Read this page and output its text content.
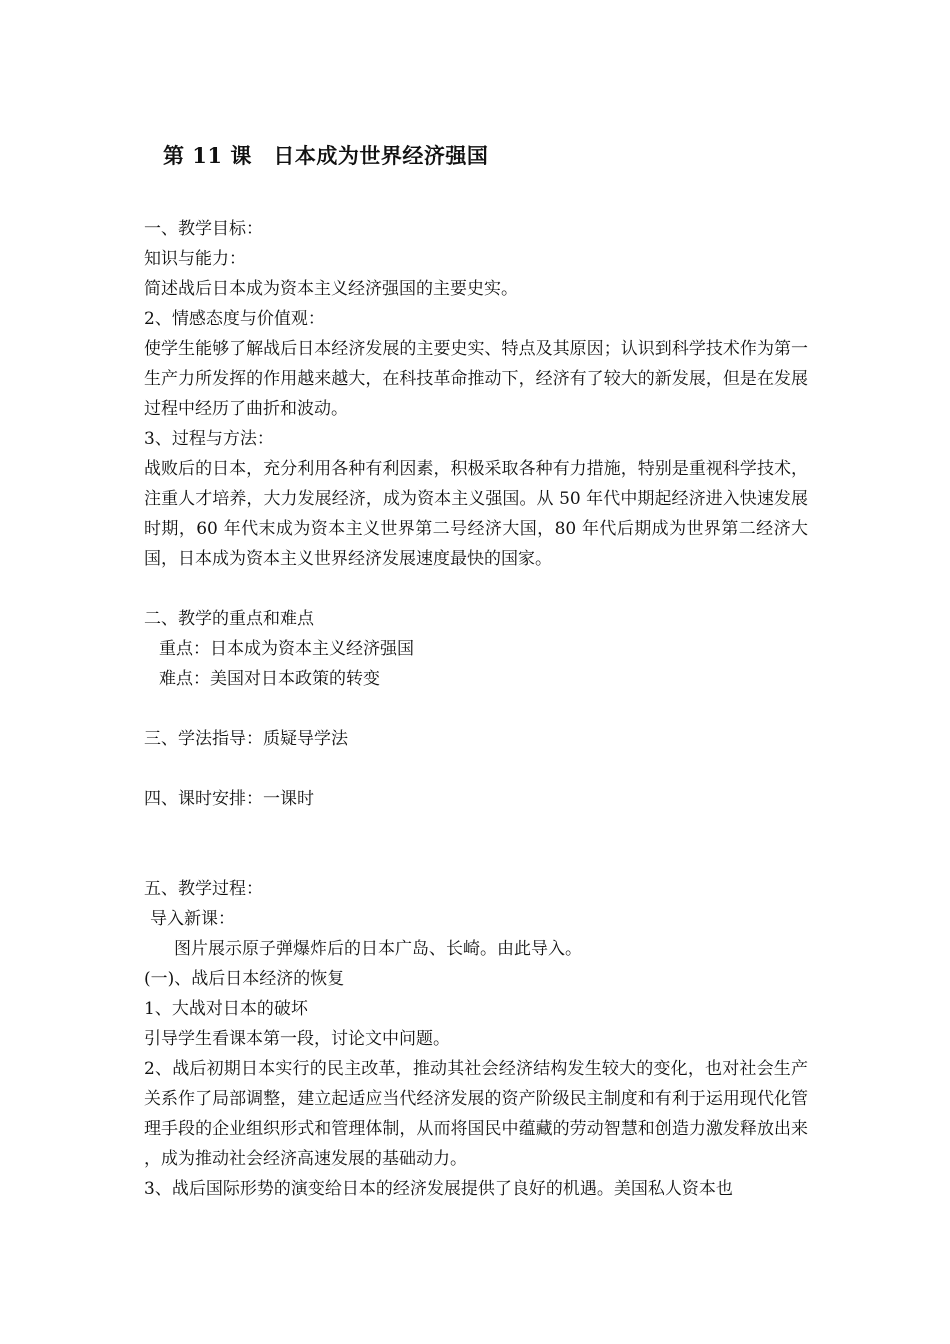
第 11 课　日本成为世界经济强国
一、教学目标：
知识与能力：
简述战后日本成为资本主义经济强国的主要史实。
2、情感态度与价值观：
使学生能够了解战后日本经济发展的主要史实、特点及其原因；认识到科学技术作为第一生产力所发挥的作用越来越大，在科技革命推动下，经济有了较大的新发展，但是在发展过程中经历了曲折和波动。
3、过程与方法：
战败后的日本，充分利用各种有利因素，积极采取各种有力措施，特别是重视科学技术，注重人才培养，大力发展经济，成为资本主义强国。从 50 年代中期起经济进入快速发展时期，60 年代末成为资本主义世界第二号经济大国，80 年代后期成为世界第二经济大国，日本成为资本主义世界经济发展速度最快的国家。
二、教学的重点和难点
重点：日本成为资本主义经济强国
难点：美国对日本政策的转变
三、学法指导：质疑导学法
四、课时安排：一课时
五、教学过程：
导入新课：
图片展示原子弹爆炸后的日本广岛、长崎。由此导入。
(一)、战后日本经济的恢复
1、大战对日本的破坏
引导学生看课本第一段，讨论文中问题。
2、战后初期日本实行的民主改革，推动其社会经济结构发生较大的变化，也对社会生产关系作了局部调整，建立起适应当代经济发展的资产阶级民主制度和有利于运用现代化管理手段的企业组织形式和管理体制，从而将国民中蕴藏的劳动智慧和创造力激发释放出来，成为推动社会经济高速发展的基础动力。
3、战后国际形势的演变给日本的经济发展提供了良好的机遇。美国私人资本也
